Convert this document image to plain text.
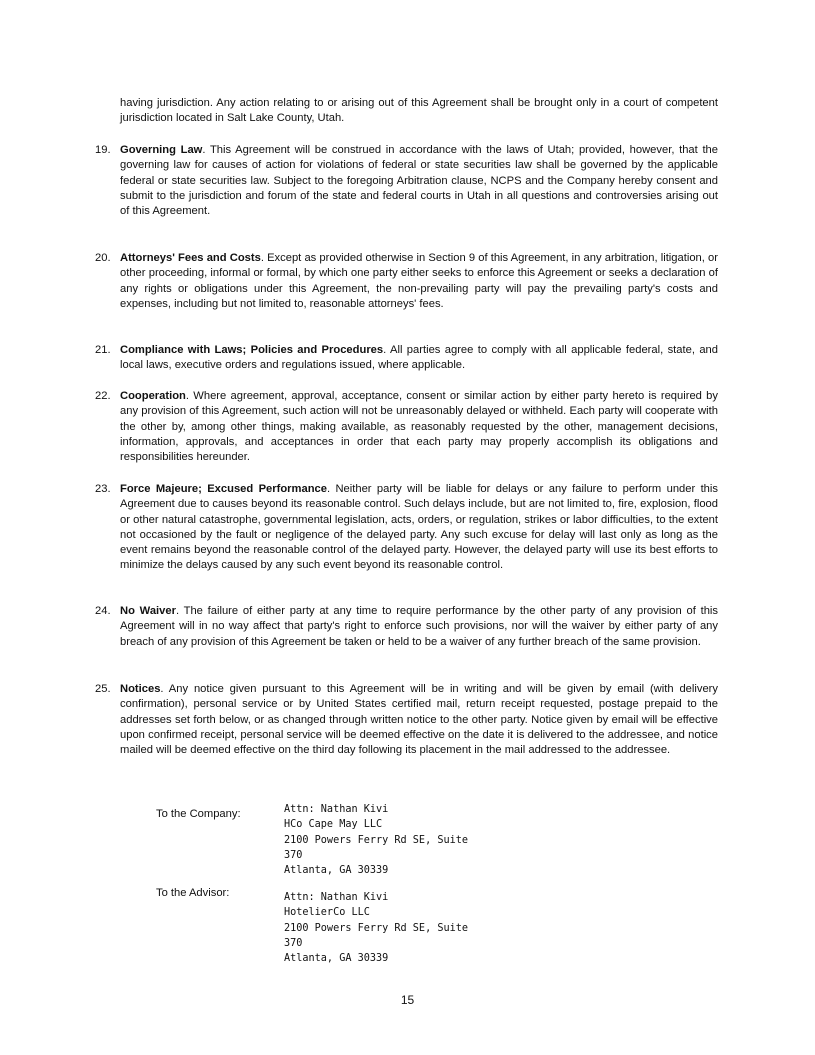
having jurisdiction. Any action relating to or arising out of this Agreement shall be brought only in a court of competent jurisdiction located in Salt Lake County, Utah.
19. Governing Law. This Agreement will be construed in accordance with the laws of Utah; provided, however, that the governing law for causes of action for violations of federal or state securities law shall be governed by the applicable federal or state securities law. Subject to the foregoing Arbitration clause, NCPS and the Company hereby consent and submit to the jurisdiction and forum of the state and federal courts in Utah in all questions and controversies arising out of this Agreement.
20. Attorneys' Fees and Costs. Except as provided otherwise in Section 9 of this Agreement, in any arbitration, litigation, or other proceeding, informal or formal, by which one party either seeks to enforce this Agreement or seeks a declaration of any rights or obligations under this Agreement, the non-prevailing party will pay the prevailing party's costs and expenses, including but not limited to, reasonable attorneys' fees.
21. Compliance with Laws; Policies and Procedures. All parties agree to comply with all applicable federal, state, and local laws, executive orders and regulations issued, where applicable.
22. Cooperation. Where agreement, approval, acceptance, consent or similar action by either party hereto is required by any provision of this Agreement, such action will not be unreasonably delayed or withheld. Each party will cooperate with the other by, among other things, making available, as reasonably requested by the other, management decisions, information, approvals, and acceptances in order that each party may properly accomplish its obligations and responsibilities hereunder.
23. Force Majeure; Excused Performance. Neither party will be liable for delays or any failure to perform under this Agreement due to causes beyond its reasonable control. Such delays include, but are not limited to, fire, explosion, flood or other natural catastrophe, governmental legislation, acts, orders, or regulation, strikes or labor difficulties, to the extent not occasioned by the fault or negligence of the delayed party. Any such excuse for delay will last only as long as the event remains beyond the reasonable control of the delayed party. However, the delayed party will use its best efforts to minimize the delays caused by any such event beyond its reasonable control.
24. No Waiver. The failure of either party at any time to require performance by the other party of any provision of this Agreement will in no way affect that party's right to enforce such provisions, nor will the waiver by either party of any breach of any provision of this Agreement be taken or held to be a waiver of any further breach of the same provision.
25. Notices. Any notice given pursuant to this Agreement will be in writing and will be given by email (with delivery confirmation), personal service or by United States certified mail, return receipt requested, postage prepaid to the addresses set forth below, or as changed through written notice to the other party. Notice given by email will be effective upon confirmed receipt, personal service will be deemed effective on the date it is delivered to the addressee, and notice mailed will be deemed effective on the third day following its placement in the mail addressed to the addressee.
To the Company:	Attn: Nathan Kivi
HCo Cape May LLC
2100 Powers Ferry Rd SE, Suite
370
Atlanta, GA 30339
To the Advisor:	Attn: Nathan Kivi
HotelierCo LLC
2100 Powers Ferry Rd SE, Suite
370
Atlanta, GA 30339
15
